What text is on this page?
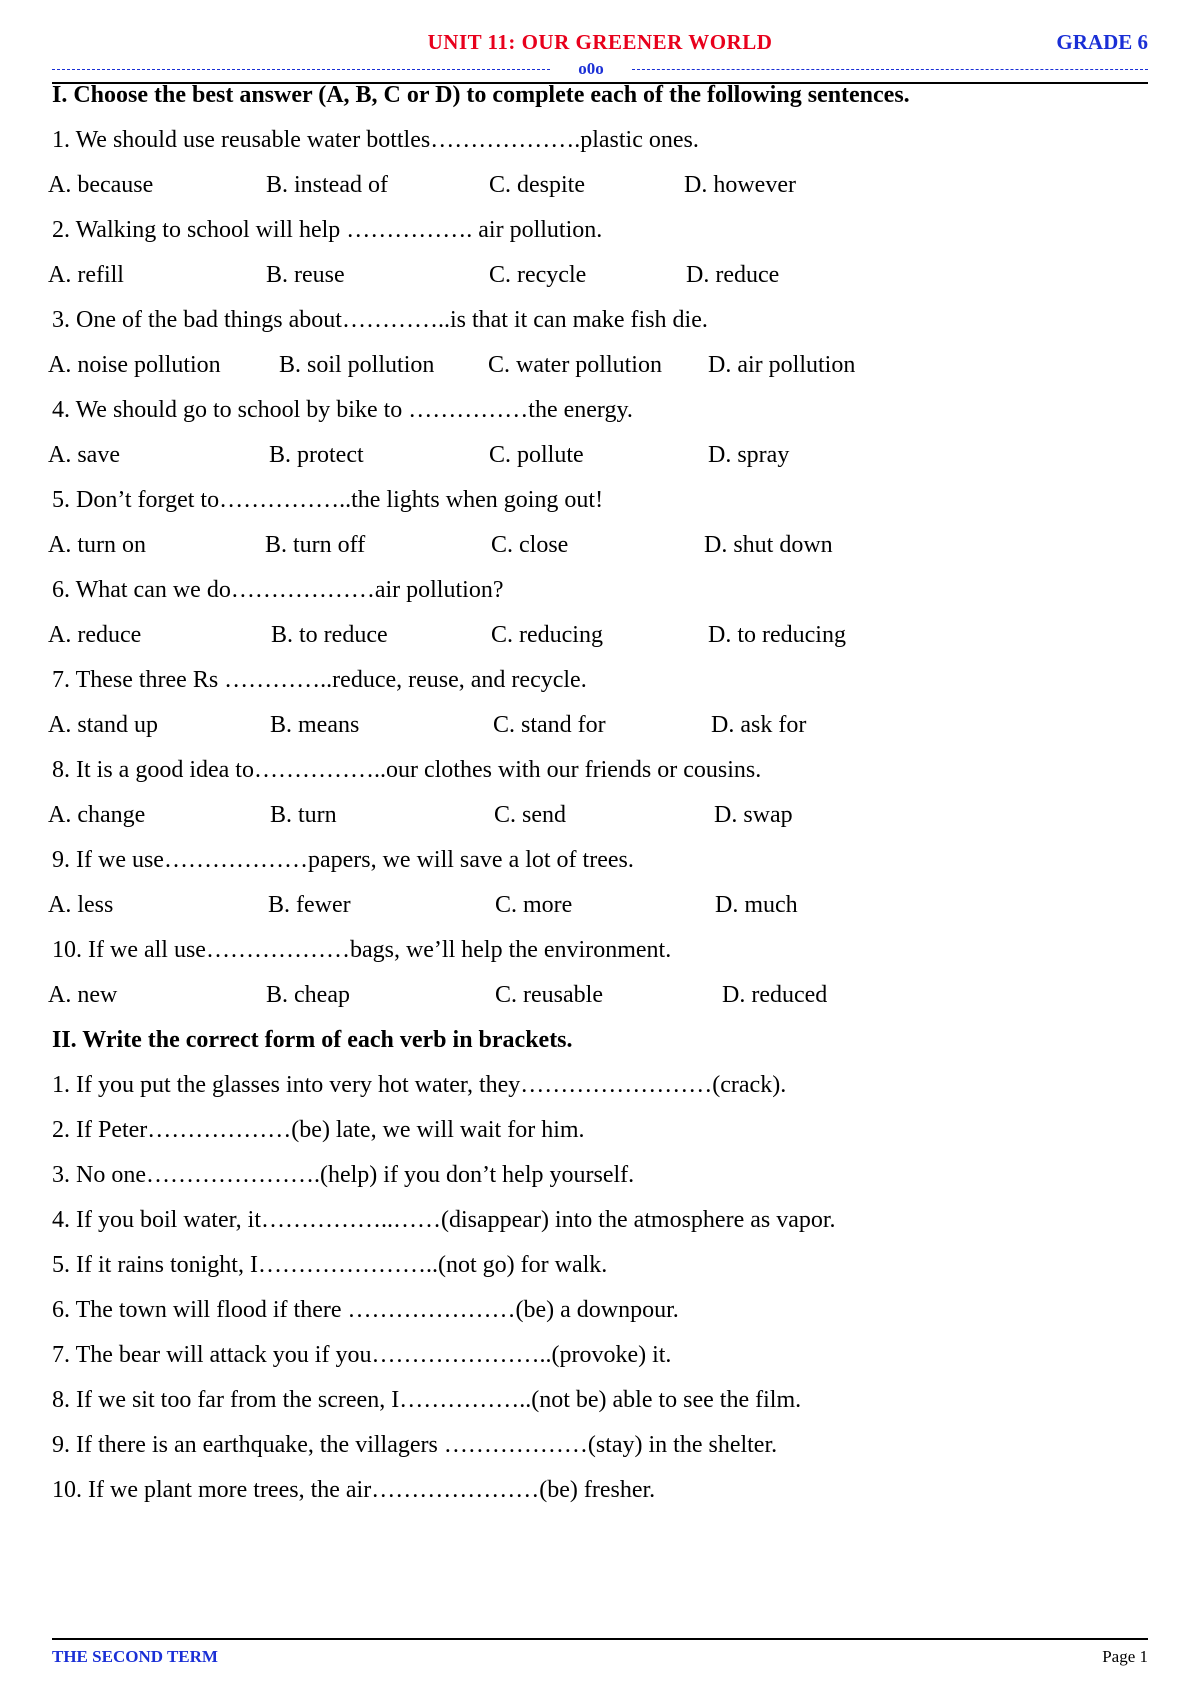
UNIT 11: OUR GREENER WORLD	GRADE 6
o0o
I. Choose the best answer (A, B, C or D) to complete each of the following sentences.
1. We should use reusable water bottles……………….plastic ones.
A. because	B. instead of	C. despite	D. however
2. Walking to school will help ……………. air pollution.
A. refill	B. reuse	C. recycle	D. reduce
3. One of the bad things about…………..is that it can make fish die.
A. noise pollution B. soil pollution C. water pollution D. air pollution
4. We should go to school by bike to ……………the energy.
A. save	B. protect	C. pollute	D. spray
5. Don’t forget to……………..the lights when going out!
A. turn on	B. turn off	C. close	D. shut down
6. What can we do………………air pollution?
A. reduce	B. to reduce	C. reducing	D. to reducing
7. These three Rs …………..reduce, reuse, and recycle.
A. stand up	B. means	C. stand for	D. ask for
8. It is a good idea to……………..our clothes with our friends or cousins.
A. change	B. turn	C. send	D. swap
9. If we use………………papers, we will save a lot of trees.
A. less	B. fewer	C. more	D. much
10. If we all use………………bags, we’ll help the environment.
A. new	B. cheap	C. reusable	D. reduced
II. Write the correct form of each verb in brackets.
1. If you put the glasses into very hot water, they……………………(crack).
2. If Peter………………(be) late, we will wait for him.
3. No one………………….(help) if you don’t help yourself.
4. If you boil water, it……………..……(disappear) into the atmosphere as vapor.
5. If it rains tonight, I…………………..(not go) for walk.
6. The town will flood if there …………………(be) a downpour.
7. The bear will attack you if you…………………..(provoke) it.
8. If we sit too far from the screen, I……………..(not be) able to see the film.
9. If there is an earthquake, the villagers ………………(stay) in the shelter.
10. If we plant more trees, the air…………………(be) fresher.
THE SECOND TERM	Page 1
